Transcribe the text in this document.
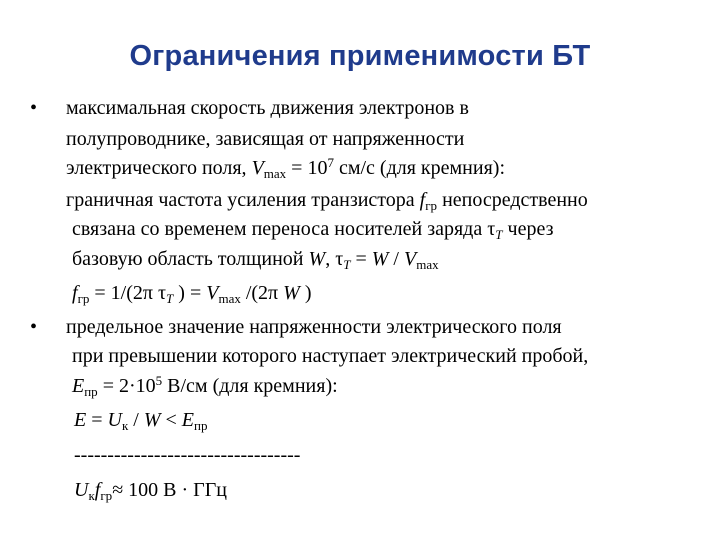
Ограничения применимости БТ
• максимальная скорость движения электронов в
полупроводнике, зависящая от напряженности
электрического поля, $V_{max} = 10^7$ см/с (для кремния):
граничная частота усиления транзистора $f_{гр}$ непосредственно
связана со временем переноса носителей заряда $\tau_T$ через
базовую область толщиной W, $\tau_T = W / V_{max}$
$f_{гр} = 1/(2\pi$ $\tau_T$ ) = $V_{max}$ /(2π W )
• предельное значение напряженности электрического поля
при превышении которого наступает электрический пробой,
$E_{пр} = 2\cdot 10^5$ В/см (для кремния):
$E = U_к / W < E_{пр}$
----------------------------------
$U_кf_{гр}\approx 100$ В · ГГц
